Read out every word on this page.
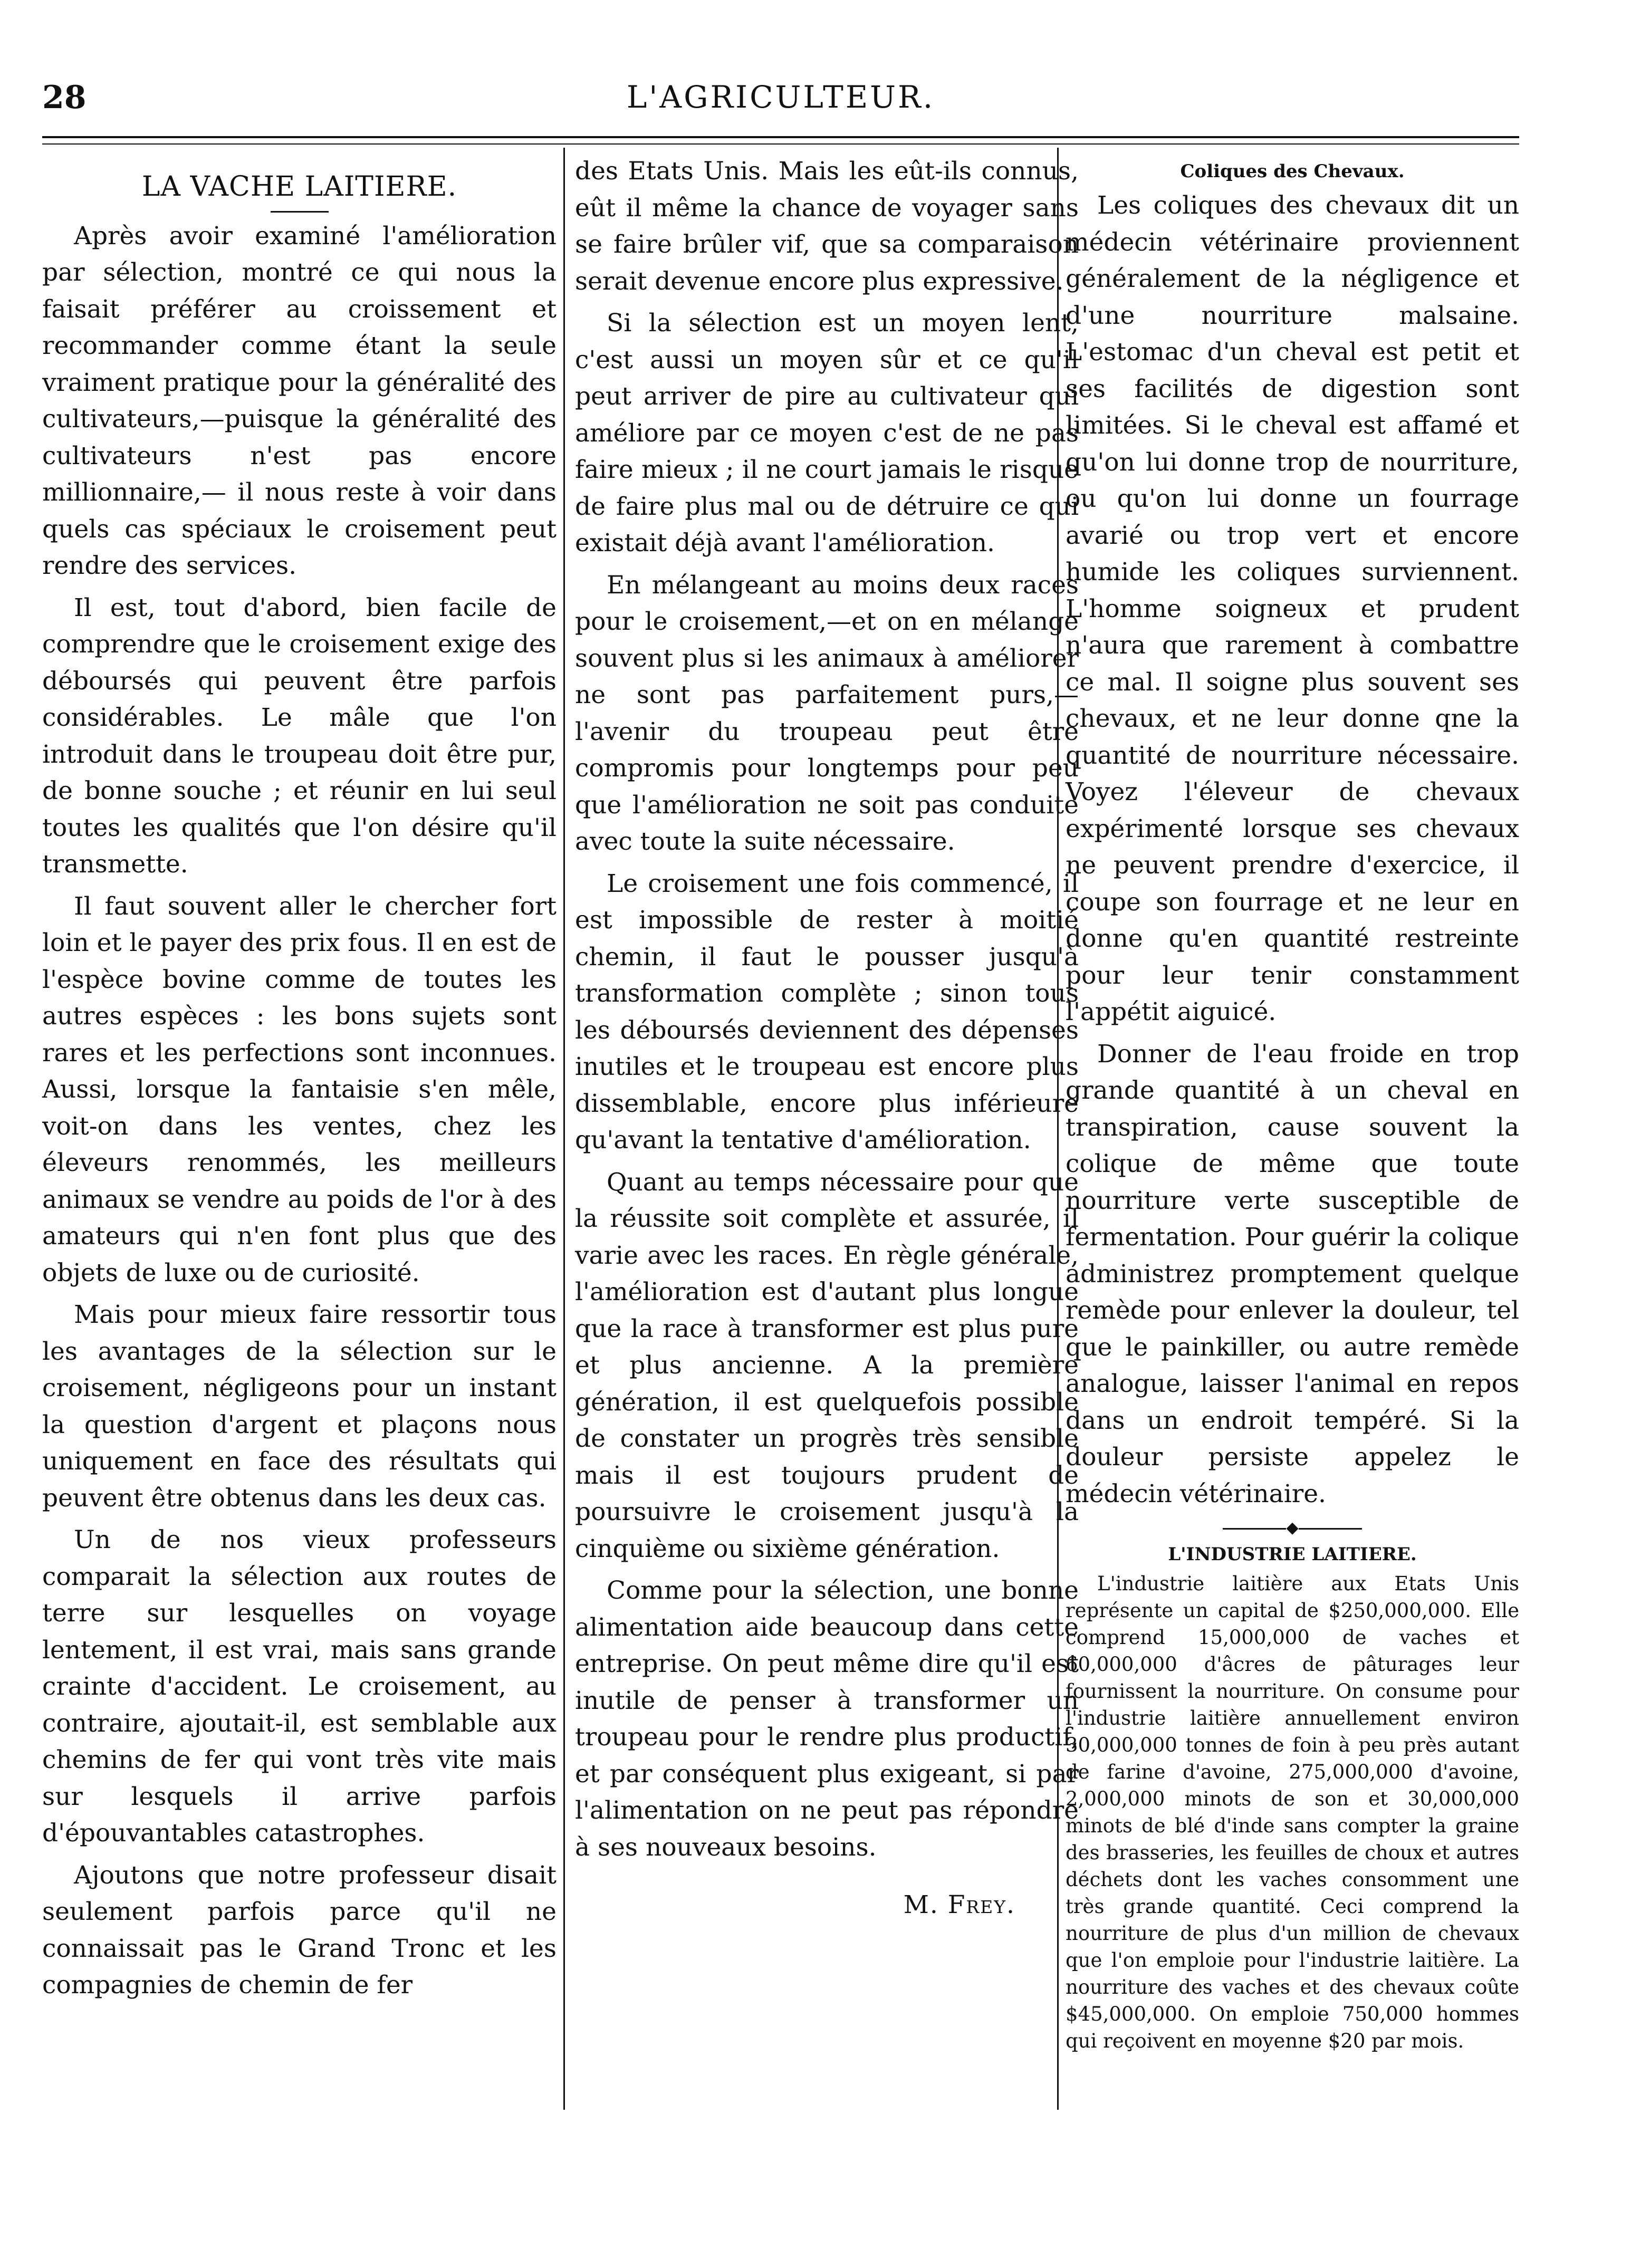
28	L'AGRICULTEUR.
LA VACHE LAITIERE.

Après avoir examiné l'amélioration par sélection, montré ce qui nous la faisait préférer au croissement et recommander comme étant la seule vraiment pratique pour la généralité des cultivateurs,—puisque la généralité des cultivateurs n'est pas encore millionnaire,— il nous reste à voir dans quels cas spéciaux le croisement peut rendre des services.

Il est, tout d'abord, bien facile de comprendre que le croisement exige des déboursés qui peuvent être parfois considérables. Le mâle que l'on introduit dans le troupeau doit être pur, de bonne souche ; et réunir en lui seul toutes les qualités que l'on désire qu'il transmette.

Il faut souvent aller le chercher fort loin et le payer des prix fous. Il en est de l'espèce bovine comme de toutes les autres espèces : les bons sujets sont rares et les perfections sont inconnues. Aussi, lorsque la fantaisie s'en mêle, voit-on dans les ventes, chez les éleveurs renommés, les meilleurs animaux se vendre au poids de l'or à des amateurs qui n'en font plus que des objets de luxe ou de curiosité.

Mais pour mieux faire ressortir tous les avantages de la sélection sur le croisement, négligeons pour un instant la question d'argent et plaçons nous uniquement en face des résultats qui peuvent être obtenus dans les deux cas.

Un de nos vieux professeurs comparait la sélection aux routes de terre sur lesquelles on voyage lentement, il est vrai, mais sans grande crainte d'accident. Le croisement, au contraire, ajoutait-il, est semblable aux chemins de fer qui vont très vite mais sur lesquels il arrive parfois d'épouvantables catastrophes.

Ajoutons que notre professeur disait seulement parfois parce qu'il ne connaissait pas le Grand Tronc et les compagnies de chemin de fer

des Etats Unis. Mais les eût-ils connus, eût il même la chance de voyager sans se faire brûler vif, que sa comparaison serait devenue encore plus expressive.

Si la sélection est un moyen lent, c'est aussi un moyen sûr et ce qu'il peut arriver de pire au cultivateur qui améliore par ce moyen c'est de ne pas faire mieux ; il ne court jamais le risque de faire plus mal ou de détruire ce qui existait déjà avant l'amélioration.

En mélangeant au moins deux races pour le croisement,—et on en mélange souvent plus si les animaux à améliorer ne sont pas parfaitement purs,—l'avenir du troupeau peut être compromis pour longtemps pour peu que l'amélioration ne soit pas conduite avec toute la suite nécessaire.

Le croisement une fois commencé, il est impossible de rester à moitié chemin, il faut le pousser jusqu'à transformation complète ; sinon tous les déboursés deviennent des dépenses inutiles et le troupeau est encore plus dissemblable, encore plus inférieure qu'avant la tentative d'amélioration.

Quant au temps nécessaire pour que la réussite soit complète et assurée, il varie avec les races. En règle générale, l'amélioration est d'autant plus longue que la race à transformer est plus pure et plus ancienne. A la première génération, il est quelquefois possible de constater un progrès très sensible mais il est toujours prudent de poursuivre le croisement jusqu'à la cinquième ou sixième génération.

Comme pour la sélection, une bonne alimentation aide beaucoup dans cette entreprise. On peut même dire qu'il est inutile de penser à transformer un troupeau pour le rendre plus productif, et par conséquent plus exigeant, si par l'alimentation on ne peut pas répondre à ses nouveaux besoins.

M. Frey.
Coliques des Chevaux.

Les coliques des chevaux dit un médecin vétérinaire proviennent généralement de la négligence et d'une nourriture malsaine. L'estomac d'un cheval est petit et ses facilités de digestion sont limitées. Si le cheval est affamé et qu'on lui donne trop de nourriture, ou qu'on lui donne un fourrage avarié ou trop vert et encore humide les coliques surviennent. L'homme soigneux et prudent n'aura que rarement à combattre ce mal. Il soigne plus souvent ses chevaux, et ne leur donne qne la quantité de nourriture nécessaire. Voyez l'éleveur de chevaux expérimenté lorsque ses chevaux ne peuvent prendre d'exercice, il coupe son fourrage et ne leur en donne qu'en quantité restreinte pour leur tenir constamment l'appétit aiguicé.

Donner de l'eau froide en trop grande quantité à un cheval en transpiration, cause souvent la colique de même que toute nourriture verte susceptible de fermentation. Pour guérir la colique administrez promptement quelque remède pour enlever la douleur, tel que le painkiller, ou autre remède analogue, laisser l'animal en repos dans un endroit tempéré. Si la douleur persiste appelez le médecin vétérinaire.

◆
L'INDUSTRIE LAITIERE.

L'industrie laitière aux Etats Unis représente un capital de $250,000,000. Elle comprend 15,000,000 de vaches et 60,000,000 d'âcres de pâturages leur fournissent la nourriture. On consume pour l'industrie laitière annuellement environ 30,000,000 tonnes de foin à peu près autant de farine d'avoine, 275,000,000 d'avoine, 2,000,000 minots de son et 30,000,000 minots de blé d'inde sans compter la graine des brasseries, les feuilles de choux et autres déchets dont les vaches consomment une très grande quantité. Ceci comprend la nourriture de plus d'un million de chevaux que l'on emploie pour l'industrie laitière. La nourriture des vaches et des chevaux coûte $45,000,000. On emploie 750,000 hommes qui reçoivent en moyenne $20 par mois.
